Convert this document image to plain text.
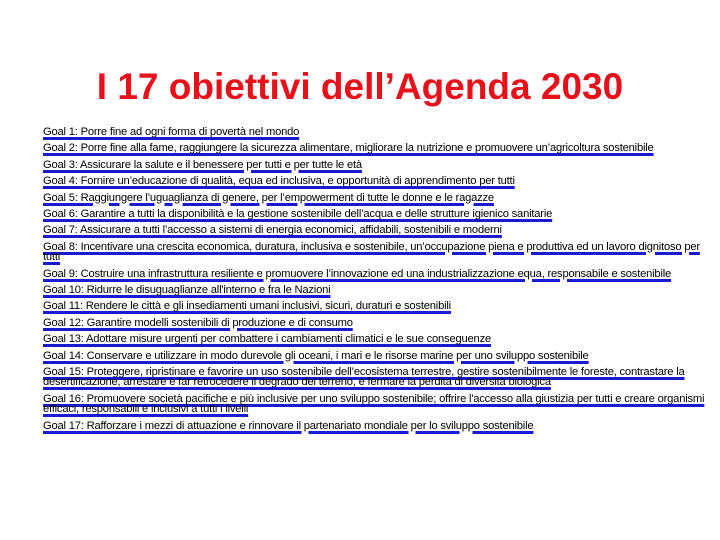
I 17 obiettivi dell’Agenda 2030
Goal 1: Porre fine ad ogni forma di povertà nel mondo
Goal 2: Porre fine alla fame, raggiungere la sicurezza alimentare, migliorare la nutrizione e promuovere un’agricoltura sostenibile
Goal 3: Assicurare la salute e il benessere per tutti e per tutte le età
Goal 4: Fornire un’educazione di qualità, equa ed inclusiva, e opportunità di apprendimento per tutti
Goal 5: Raggiungere l’uguaglianza di genere, per l’empowerment di tutte le donne e le ragazze
Goal 6: Garantire a tutti la disponibilità e la gestione sostenibile dell’acqua e delle strutture igienico sanitarie
Goal 7: Assicurare a tutti l’accesso a sistemi di energia economici, affidabili, sostenibili e moderni
Goal 8: Incentivare una crescita economica, duratura, inclusiva e sostenibile, un’occupazione piena e produttiva ed un lavoro dignitoso per tutti
Goal 9: Costruire una infrastruttura resiliente e promuovere l’innovazione ed una industrializzazione equa, responsabile e sostenibile
Goal 10: Ridurre le disuguaglianze all'interno e fra le Nazioni
Goal 11: Rendere le città e gli insediamenti umani inclusivi, sicuri, duraturi e sostenibili
Goal 12: Garantire modelli sostenibili di produzione e di consumo
Goal 13: Adottare misure urgenti per combattere i cambiamenti climatici e le sue conseguenze
Goal 14: Conservare e utilizzare in modo durevole gli oceani, i mari e le risorse marine per uno sviluppo sostenibile
Goal 15: Proteggere, ripristinare e favorire un uso sostenibile dell’ecosistema terrestre, gestire sostenibilmente le foreste, contrastare la desertificazione, arrestare e far retrocedere il degrado del terreno, e fermare la perdita di diversità biologica
Goal 16: Promuovere società pacifiche e più inclusive per uno sviluppo sostenibile; offrire l'accesso alla giustizia per tutti e creare organismi efficaci, responsabili e inclusivi a tutti i livelli
Goal 17: Rafforzare i mezzi di attuazione e rinnovare il partenariato mondiale per lo sviluppo sostenibile
